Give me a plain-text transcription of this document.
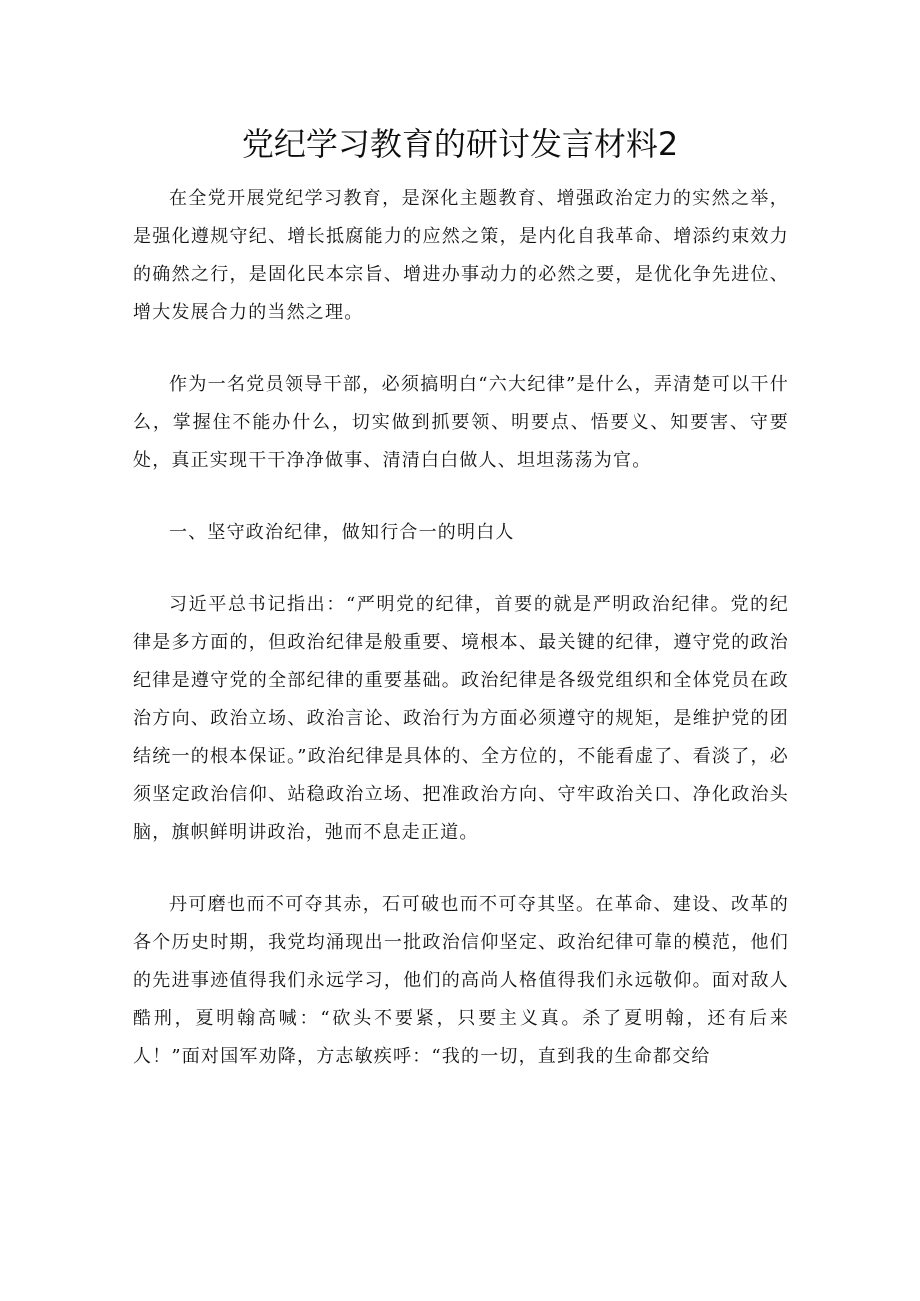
党纪学习教育的研讨发言材料2

在全党开展党纪学习教育，是深化主题教育、增强政治定力的实然之举，是强化遵规守纪、增长抵腐能力的应然之策，是内化自我革命、增添约束效力的确然之行，是固化民本宗旨、增进办事动力的必然之要，是优化争先进位、增大发展合力的当然之理。

作为一名党员领导干部，必须搞明白“六大纪律”是什么，弄清楚可以干什么，掌握住不能办什么，切实做到抓要领、明要点、悟要义、知要害、守要处，真正实现干干净净做事、清清白白做人、坦坦荡荡为官。

一、坚守政治纪律，做知行合一的明白人

习近平总书记指出：“严明党的纪律，首要的就是严明政治纪律。党的纪律是多方面的，但政治纪律是般重要、境根本、最关键的纪律，遵守党的政治纪律是遵守党的全部纪律的重要基础。政治纪律是各级党组织和全体党员在政治方向、政治立场、政治言论、政治行为方面必须遵守的规矩，是维护党的团结统一的根本保证。”政治纪律是具体的、全方位的，不能看虚了、看淡了，必须坚定政治信仰、站稳政治立场、把准政治方向、守牢政治关口、净化政治头脑，旗帜鲜明讲政治，弛而不息走正道。

丹可磨也而不可夺其赤，石可破也而不可夺其坚。在革命、建设、改革的各个历史时期，我党均涌现出一批政治信仰坚定、政治纪律可靠的模范，他们的先进事迹值得我们永远学习，他们的高尚人格值得我们永远敬仰。面对敌人酷刑，夏明翰高喊：“砍头不要紧，只要主义真。杀了夏明翰，还有后来人！”面对国军劝降，方志敏疾呼：“我的一切，直到我的生命都交给
